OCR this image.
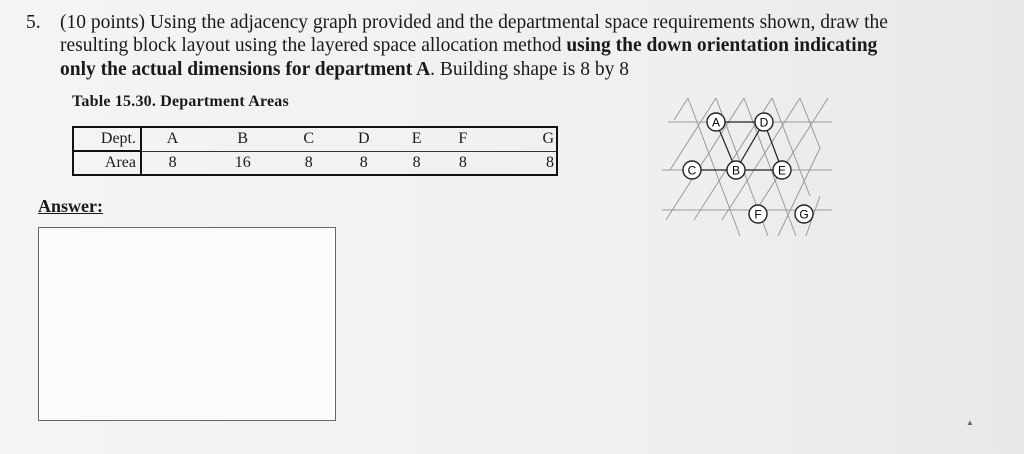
5. (10 points) Using the adjacency graph provided and the departmental space requirements shown, draw the
resulting block layout using the layered space allocation method using the down orientation indicating
only the actual dimensions for department A. Building shape is 8 by 8
Table 15.30. Department Areas
Dept.	A	B	C	D	E	F	G
Area	8	16	8	8	8	8	8
Answer:
A	D
C	B	E
F	G
▲
